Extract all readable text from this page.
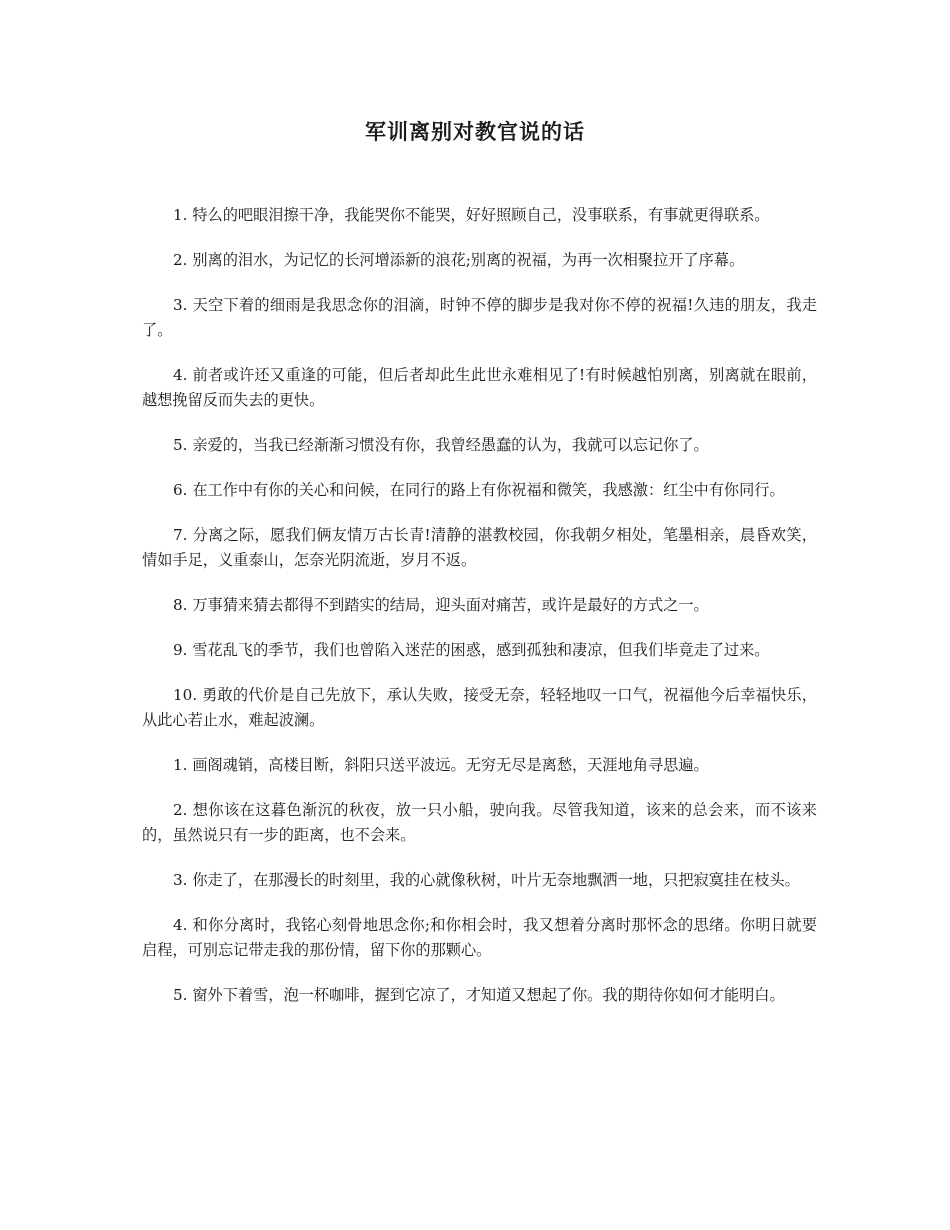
军训离别对教官说的话

1. 特么的吧眼泪擦干净，我能哭你不能哭，好好照顾自己，没事联系，有事就更得联系。

2. 别离的泪水，为记忆的长河增添新的浪花;别离的祝福，为再一次相聚拉开了序幕。

3. 天空下着的细雨是我思念你的泪滴，时钟不停的脚步是我对你不停的祝福!久违的朋友，我走了。

4. 前者或许还又重逢的可能，但后者却此生此世永难相见了!有时候越怕别离，别离就在眼前，越想挽留反而失去的更快。

5. 亲爱的，当我已经渐渐习惯没有你，我曾经愚蠢的认为，我就可以忘记你了。

6. 在工作中有你的关心和问候，在同行的路上有你祝福和微笑，我感激：红尘中有你同行。

7. 分离之际，愿我们俩友情万古长青!清静的湛教校园，你我朝夕相处，笔墨相亲，晨昏欢笑，情如手足，义重泰山，怎奈光阴流逝，岁月不返。

8. 万事猜来猜去都得不到踏实的结局，迎头面对痛苦，或许是最好的方式之一。

9. 雪花乱飞的季节，我们也曾陷入迷茫的困惑，感到孤独和凄凉，但我们毕竟走了过来。

10. 勇敢的代价是自己先放下，承认失败，接受无奈，轻轻地叹一口气，祝福他今后幸福快乐，从此心若止水，难起波澜。

1. 画阁魂销，高楼目断，斜阳只送平波远。无穷无尽是离愁，天涯地角寻思遍。

2. 想你该在这暮色渐沉的秋夜，放一只小船，驶向我。尽管我知道，该来的总会来，而不该来的，虽然说只有一步的距离，也不会来。

3. 你走了，在那漫长的时刻里，我的心就像秋树，叶片无奈地飘洒一地，只把寂寞挂在枝头。

4. 和你分离时，我铭心刻骨地思念你;和你相会时，我又想着分离时那怀念的思绪。你明日就要启程，可别忘记带走我的那份情，留下你的那颗心。

5. 窗外下着雪，泡一杯咖啡，握到它凉了，才知道又想起了你。我的期待你如何才能明白。
